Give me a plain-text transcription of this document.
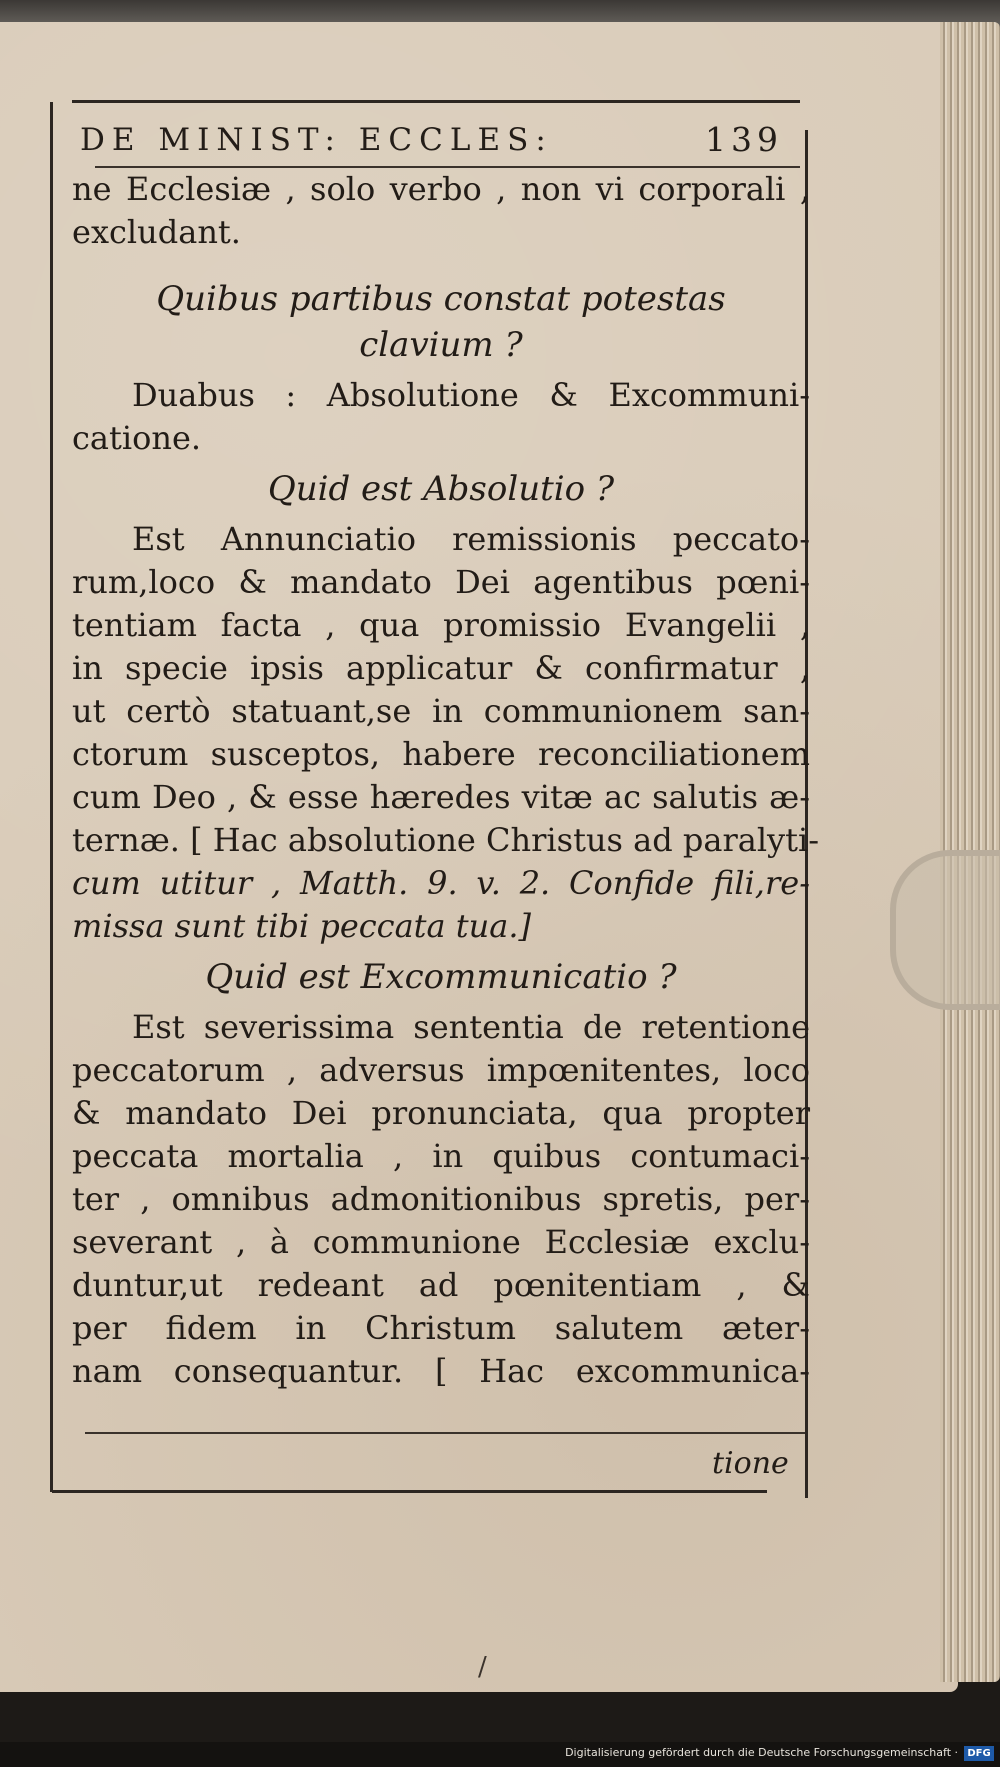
DE MINIST: ECCLES:	139
ne Ecclesiæ , solo verbo , non vi corporali ,
excludant.
Quibus partibus constat potestas
clavium ?
Duabus : Absolutione & Excommuni-
catione.
Quid est Absolutio ?
Est Annunciatio remissionis peccato-
rum,loco & mandato Dei agentibus pœni-
tentiam facta , qua promissio Evangelii ,
in specie ipsis applicatur & confirmatur ,
ut certò statuant,se in communionem san-
ctorum susceptos, habere reconciliationem
cum Deo , & esse hæredes vitæ ac salutis æ-
ternæ. [ Hac absolutione Christus ad paralyti-
cum utitur , Matth. 9. v. 2. Confide fili,re-
missa sunt tibi peccata tua.]
Quid est Excommunicatio ?
Est severissima sententia de retentione
peccatorum , adversus impœnitentes, loco
& mandato Dei pronunciata, qua propter
peccata mortalia , in quibus contumaci-
ter , omnibus admonitionibus spretis, per-
severant , à communione Ecclesiæ exclu-
duntur,ut redeant ad pœnitentiam , &
per fidem in Christum salutem æter-
nam consequantur. [ Hac excommunica-
tione
/
Digitalisierung gefördert durch die Deutsche Forschungsgemeinschaft · DFG
